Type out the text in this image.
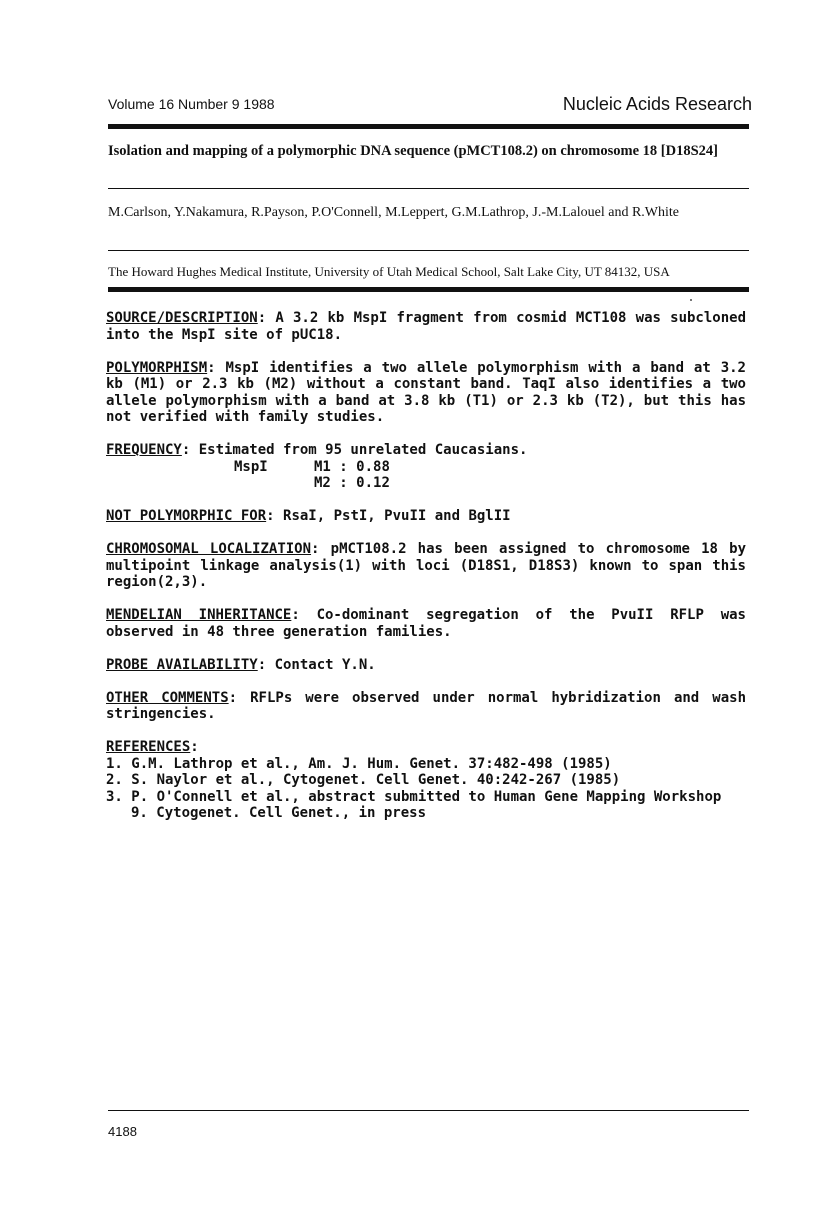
Volume 16 Number 9 1988	Nucleic Acids Research
Isolation and mapping of a polymorphic DNA sequence (pMCT108.2) on chromosome 18 [D18S24]
M.Carlson, Y.Nakamura, R.Payson, P.O'Connell, M.Leppert, G.M.Lathrop, J.-M.Lalouel and R.White
The Howard Hughes Medical Institute, University of Utah Medical School, Salt Lake City, UT 84132, USA

SOURCE/DESCRIPTION: A 3.2 kb MspI fragment from cosmid MCT108 was subcloned into the MspI site of pUC18.

POLYMORPHISM: MspI identifies a two allele polymorphism with a band at 3.2 kb (M1) or 2.3 kb (M2) without a constant band. TaqI also identifies a two allele polymorphism with a band at 3.8 kb (T1) or 2.3 kb (T2), but this has not verified with family studies.

FREQUENCY: Estimated from 95 unrelated Caucasians.
MspI	M1 : 0.88
M2 : 0.12

NOT POLYMORPHIC FOR: RsaI, PstI, PvuII and BglII

CHROMOSOMAL LOCALIZATION: pMCT108.2 has been assigned to chromosome 18 by multipoint linkage analysis(1) with loci (D18S1, D18S3) known to span this region(2,3).

MENDELIAN INHERITANCE: Co-dominant segregation of the PvuII RFLP was observed in 48 three generation families.

PROBE AVAILABILITY: Contact Y.N.

OTHER COMMENTS: RFLPs were observed under normal hybridization and wash stringencies.

REFERENCES:

1. G.M. Lathrop et al., Am. J. Hum. Genet. 37:482-498 (1985)

2. S. Naylor et al., Cytogenet. Cell Genet. 40:242-267 (1985)

3. P. O'Connell et al., abstract submitted to Human Gene Mapping Workshop 9. Cytogenet. Cell Genet., in press

4188
